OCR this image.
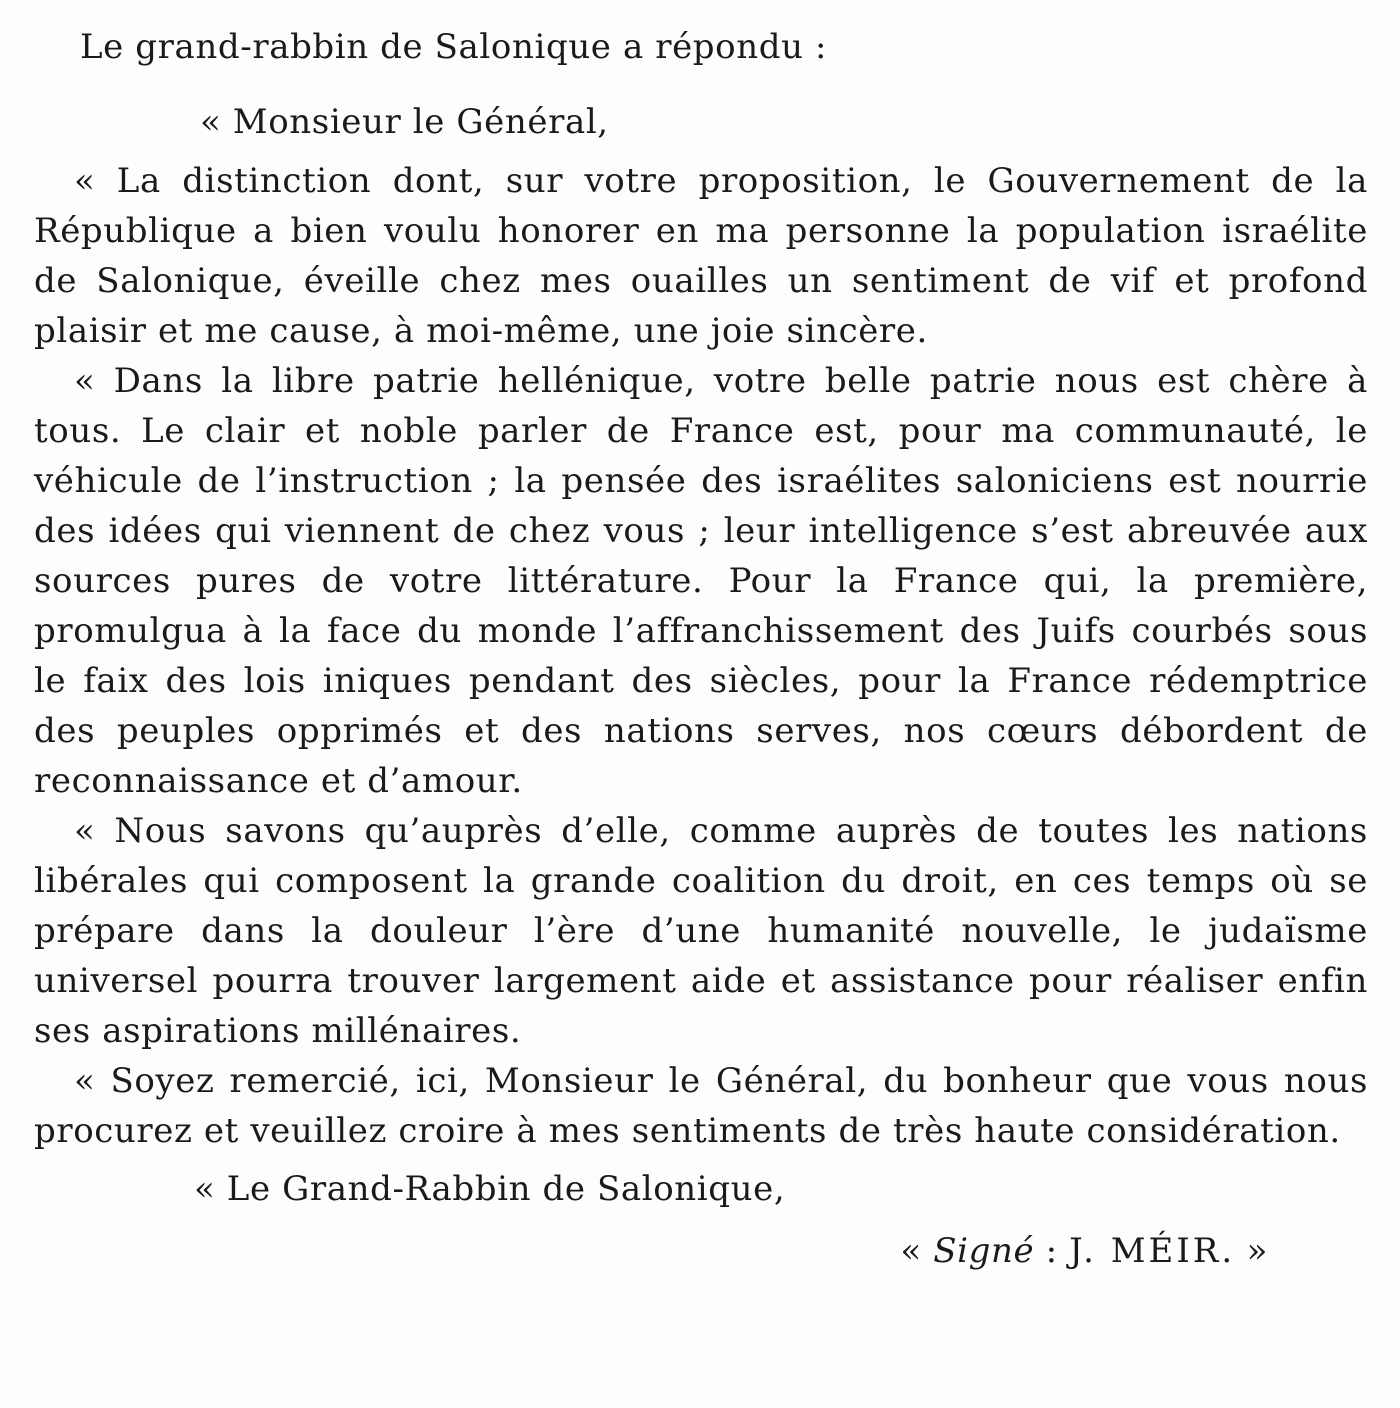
Le grand-rabbin de Salonique a répondu :

« Monsieur le Général,

« La distinction dont, sur votre proposition, le Gouvernement de la République a bien voulu honorer en ma personne la population israélite de Salonique, éveille chez mes ouailles un sentiment de vif et profond plaisir et me cause, à moi-même, une joie sincère.

« Dans la libre patrie hellénique, votre belle patrie nous est chère à tous. Le clair et noble parler de France est, pour ma communauté, le véhicule de l’instruction ; la pensée des israélites saloniciens est nourrie des idées qui viennent de chez vous ; leur intelligence s’est abreuvée aux sources pures de votre littérature. Pour la France qui, la première, promulgua à la face du monde l’affranchissement des Juifs courbés sous le faix des lois iniques pendant des siècles, pour la France rédemptrice des peuples opprimés et des nations serves, nos cœurs débordent de reconnaissance et d’amour.

« Nous savons qu’auprès d’elle, comme auprès de toutes les nations libérales qui composent la grande coalition du droit, en ces temps où se prépare dans la douleur l’ère d’une humanité nouvelle, le judaïsme universel pourra trouver largement aide et assistance pour réaliser enfin ses aspirations millénaires.

« Soyez remercié, ici, Monsieur le Général, du bonheur que vous nous procurez et veuillez croire à mes sentiments de très haute considération.

« Le Grand-Rabbin de Salonique,

« Signé : J. MÉIR. »
